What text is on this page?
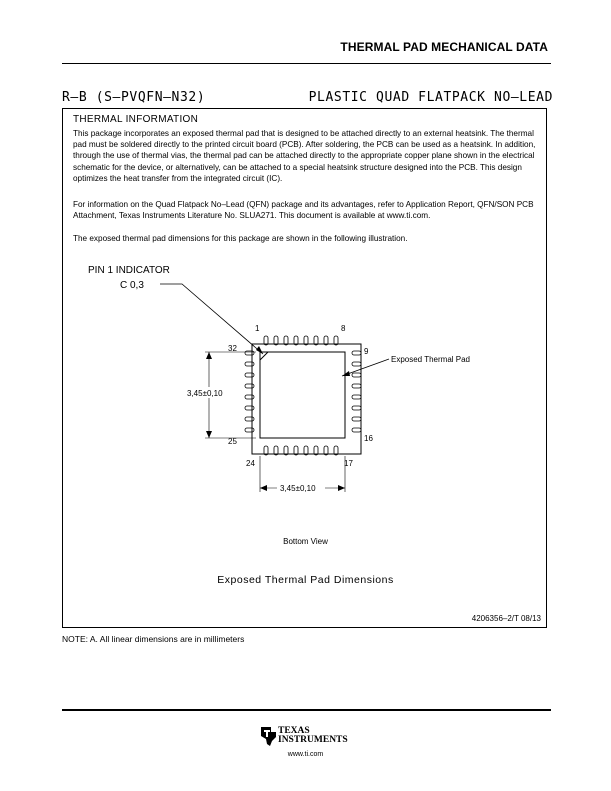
THERMAL PAD MECHANICAL DATA
R–B (S–PVQFN–N32)	PLASTIC QUAD FLATPACK NO–LEAD
THERMAL INFORMATION
This package incorporates an exposed thermal pad that is designed to be attached directly to an external heatsink. The thermal pad must be soldered directly to the printed circuit board (PCB). After soldering, the PCB can be used as a heatsink. In addition, through the use of thermal vias, the thermal pad can be attached directly to the appropriate copper plane shown in the electrical schematic for the device, or alternatively, can be attached to a special heatsink structure designed into the PCB. This design optimizes the heat transfer from the integrated circuit (IC).
For information on the Quad Flatpack No–Lead (QFN) package and its advantages, refer to Application Report, QFN/SON PCB Attachment, Texas Instruments Literature No. SLUA271. This document is available at www.ti.com.
The exposed thermal pad dimensions for this package are shown in the following illustration.
PIN 1 INDICATOR
C 0,3
1	8
32	9
25	16
24	17
Exposed Thermal Pad
3,45±0,10
3,45±0,10
Bottom View
Exposed Thermal Pad Dimensions
4206356–2/T 08/13
NOTE: A. All linear dimensions are in millimeters
TEXAS
INSTRUMENTS
www.ti.com
